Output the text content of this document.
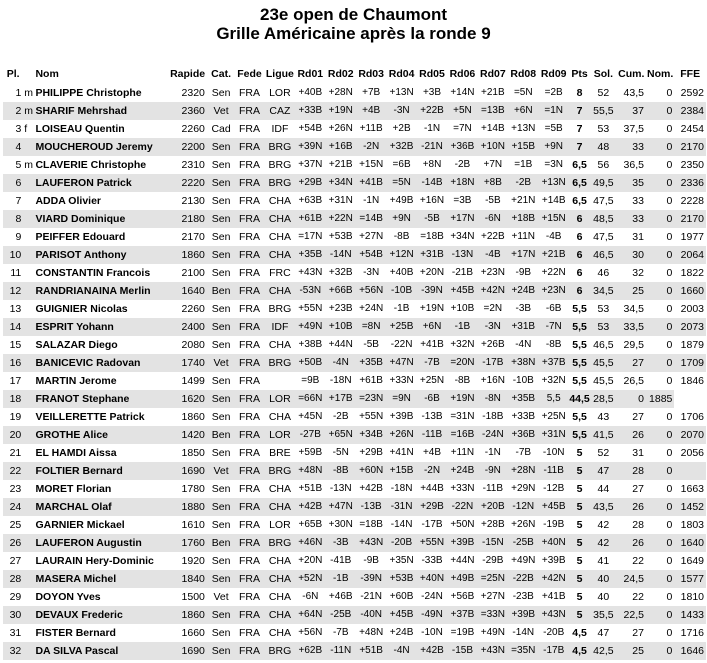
23e open de Chaumont
Grille Américaine après la ronde 9
Pl.		Nom	Rapide	Cat.	Fede	Ligue	Rd01	Rd02	Rd03	Rd04	Rd05	Rd06	Rd07	Rd08	Rd09	Pts	Sol.	Cum.	Nom.	FFE
1	m	PHILIPPE Christophe	2320	Sen	FRA	LOR	+40B	+28N	+7B	+13N	+3B	+14N	+21B	=5N	=2B	8	52	43,5	0	2592
2	m	SHARIF Mehrshad	2360	Vet	FRA	CAZ	+33B	+19N	+4B	-3N	+22B	+5N	=13B	+6N	=1N	7	55,5	37	0	2384
3	f	LOISEAU Quentin	2260	Cad	FRA	IDF	+54B	+26N	+11B	+2B	-1N	=7N	+14B	+13N	=5B	7	53	37,5	0	2454
4		MOUCHEROUD Jeremy	2200	Sen	FRA	BRG	+39N	+16B	-2N	+32B	-21N	+36B	+10N	+15B	+9N	7	48	33	0	2170
5	m	CLAVERIE Christophe	2310	Sen	FRA	BRG	+37N	+21B	+15N	=6B	+8N	-2B	+7N	=1B	=3N	6,5	56	36,5	0	2350
6		LAUFERON Patrick	2220	Sen	FRA	BRG	+29B	+34N	+41B	=5N	-14B	+18N	+8B	-2B	+13N	6,5	49,5	35	0	2336
7		ADDA Olivier	2130	Sen	FRA	CHA	+63B	+31N	-1N	+49B	+16N	=3B	-5B	+21N	+14B	6,5	47,5	33	0	2228
8		VIARD Dominique	2180	Sen	FRA	CHA	+61B	+22N	=14B	+9N	-5B	+17N	-6N	+18B	+15N	6	48,5	33	0	2170
9		PEIFFER Edouard	2170	Sen	FRA	CHA	=17N	+53B	+27N	-8B	=18B	+34N	+22B	+11N	-4B	6	47,5	31	0	1977
10		PARISOT Anthony	1860	Sen	FRA	CHA	+35B	-14N	+54B	+12N	+31B	-13N	-4B	+17N	+21B	6	46,5	30	0	2064
11		CONSTANTIN Francois	2100	Sen	FRA	FRC	+43N	+32B	-3N	+40B	+20N	-21B	+23N	-9B	+22N	6	46	32	0	1822
12		RANDRIANAINA Merlin	1640	Ben	FRA	CHA	-53N	+66B	+56N	-10B	-39N	+45B	+42N	+24B	+23N	6	34,5	25	0	1660
13		GUIGNIER Nicolas	2260	Sen	FRA	BRG	+55N	+23B	+24N	-1B	+19N	+10B	=2N	-3B	-6B	5,5	53	34,5	0	2003
14		ESPRIT Yohann	2400	Sen	FRA	IDF	+49N	+10B	=8N	+25B	+6N	-1B	-3N	+31B	-7N	5,5	53	33,5	0	2073
15		SALAZAR Diego	2080	Sen	FRA	CHA	+38B	+44N	-5B	-22N	+41B	+32N	+26B	-4N	-8B	5,5	46,5	29,5	0	1879
16		BANICEVIC Radovan	1740	Vet	FRA	BRG	+50B	-4N	+35B	+47N	-7B	=20N	-17B	+38N	+37B	5,5	45,5	27	0	1709
17		MARTIN Jerome	1499	Sen	FRA		=9B	-18N	+61B	+33N	+25N	-8B	+16N	-10B	+32N	5,5	45,5	26,5	0	1846
18		FRANOT Stephane	1620	Sen	FRA	LOR	=66N	+17B	=23N	=9N	-6B	+19N	-8N	+35B	5,5	44,5	28,5	0	1885	
19		VEILLERETTE Patrick	1860	Sen	FRA	CHA	+45N	-2B	+55N	+39B	-13B	=31N	-18B	+33B	+25N	5,5	43	27	0	1706
20		GROTHE Alice	1420	Ben	FRA	LOR	-27B	+65N	+34B	+26N	-11B	=16B	-24N	+36B	+31N	5,5	41,5	26	0	2070
21		EL HAMDI Aissa	1850	Sen	FRA	BRE	+59B	-5N	+29B	+41N	+4B	+11N	-1N	-7B	-10N	5	52	31	0	2056
22		FOLTIER Bernard	1690	Vet	FRA	BRG	+48N	-8B	+60N	+15B	-2N	+24B	-9N	+28N	-11B	5	47	28	0	
23		MORET Florian	1780	Sen	FRA	CHA	+51B	-13N	+42B	-18N	+44B	+33N	-11B	+29N	-12B	5	44	27	0	1663
24		MARCHAL Olaf	1880	Sen	FRA	CHA	+42B	+47N	-13B	-31N	+29B	-22N	+20B	-12N	+45B	5	43,5	26	0	1452
25		GARNIER Mickael	1610	Sen	FRA	LOR	+65B	+30N	=18B	-14N	-17B	+50N	+28B	+26N	-19B	5	42	28	0	1803
26		LAUFERON Augustin	1760	Ben	FRA	BRG	+46N	-3B	+43N	-20B	+55N	+39B	-15N	-25B	+40N	5	42	26	0	1640
27		LAURAIN Hery-Dominic	1920	Sen	FRA	CHA	+20N	-41B	-9B	+35N	-33B	+44N	-29B	+49N	+39B	5	41	22	0	1649
28		MASERA Michel	1840	Sen	FRA	CHA	+52N	-1B	-39N	+53B	+40N	+49B	=25N	-22B	+42N	5	40	24,5	0	1577
29		DOYON Yves	1500	Vet	FRA	CHA	-6N	+46B	-21N	+60B	-24N	+56B	+27N	-23B	+41B	5	40	22	0	1810
30		DEVAUX Frederic	1860	Sen	FRA	CHA	+64N	-25B	-40N	+45B	-49N	+37B	=33N	+39B	+43N	5	35,5	22,5	0	1433
31		FISTER Bernard	1660	Sen	FRA	CHA	+56N	-7B	+48N	+24B	-10N	=19B	+49N	-14N	-20B	4,5	47	27	0	1716
32		DA SILVA Pascal	1690	Sen	FRA	BRG	+62B	-11N	+51B	-4N	+42B	-15B	+43N	=35N	-17B	4,5	42,5	25	0	1646
